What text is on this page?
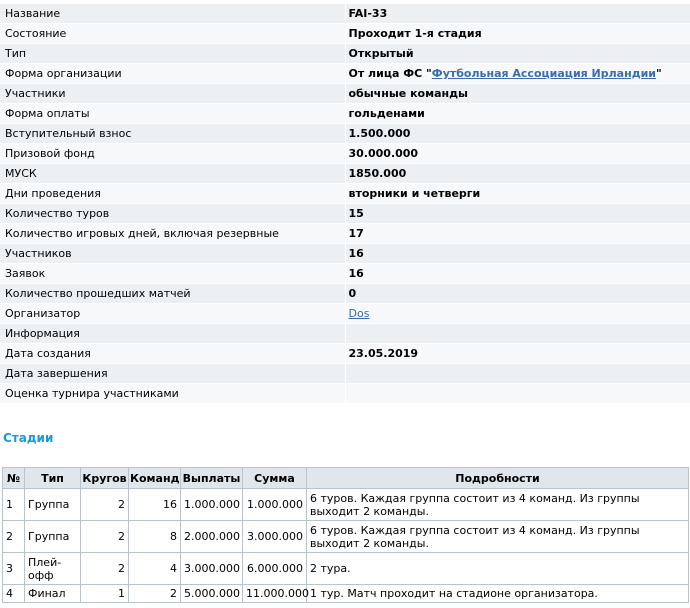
Название	FAI-33
Состояние	Проходит 1-я стадия
Тип	Открытый
Форма организации	От лица ФС "Футбольная Ассоциация Ирландии"
Участники	обычные команды
Форма оплаты	гольденами
Вступительный взнос	1.500.000
Призовой фонд	30.000.000
МУСК	1850.000
Дни проведения	вторники и четверги
Количество туров	15
Количество игровых дней, включая резервные	17
Участников	16
Заявок	16
Количество прошедших матчей	0
Организатор	Dos
Информация	
Дата создания	23.05.2019
Дата завершения	
Оценка турнира участниками	
Стадии
№	Тип	Кругов	Команд	Выплаты	Сумма	Подробности
1	Группа	2	16	1.000.000	1.000.000	6 туров. Каждая группа состоит из 4 команд. Из группы выходит 2 команды.
2	Группа	2	8	2.000.000	3.000.000	6 туров. Каждая группа состоит из 4 команд. Из группы выходит 2 команды.
3	Плей-офф	2	4	3.000.000	6.000.000	2 тура.
4	Финал	1	2	5.000.000	11.000.000	1 тур. Матч проходит на стадионе организатора.
